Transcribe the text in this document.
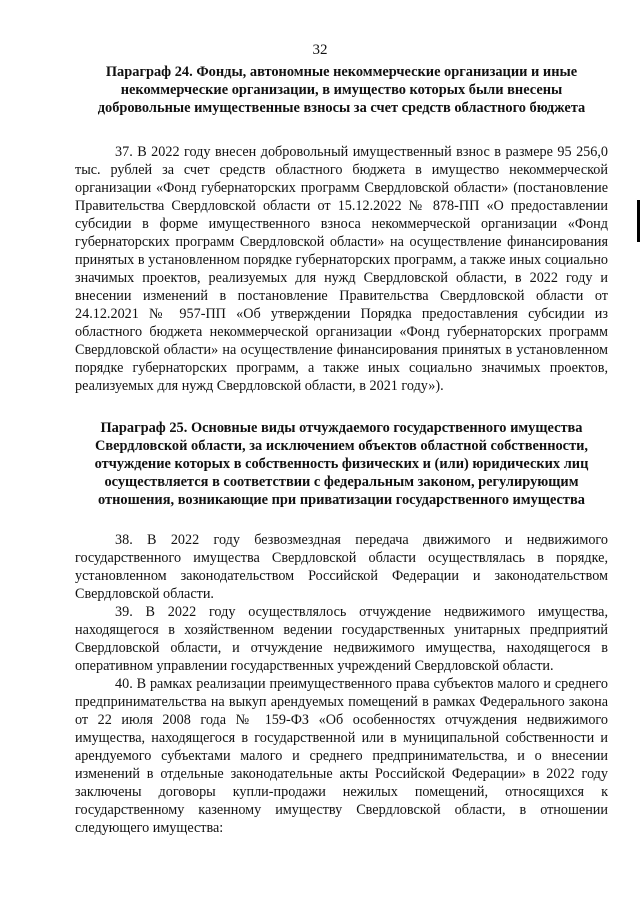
32

Параграф 24. Фонды, автономные некоммерческие организации и иные некоммерческие организации, в имущество которых были внесены добровольные имущественные взносы за счет средств областного бюджета

37. В 2022 году внесен добровольный имущественный взнос в размере 95 256,0 тыс. рублей за счет средств областного бюджета в имущество некоммерческой организации «Фонд губернаторских программ Свердловской области» (постановление Правительства Свердловской области от 15.12.2022 № 878-ПП «О предоставлении субсидии в форме имущественного взноса некоммерческой организации «Фонд губернаторских программ Свердловской области» на осуществление финансирования принятых в установленном порядке губернаторских программ, а также иных социально значимых проектов, реализуемых для нужд Свердловской области, в 2022 году и внесении изменений в постановление Правительства Свердловской области от 24.12.2021 № 957-ПП «Об утверждении Порядка предоставления субсидии из областного бюджета некоммерческой организации «Фонд губернаторских программ Свердловской области» на осуществление финансирования принятых в установленном порядке губернаторских программ, а также иных социально значимых проектов, реализуемых для нужд Свердловской области, в 2021 году»).

Параграф 25. Основные виды отчуждаемого государственного имущества Свердловской области, за исключением объектов областной собственности, отчуждение которых в собственность физических и (или) юридических лиц осуществляется в соответствии с федеральным законом, регулирующим отношения, возникающие при приватизации государственного имущества

38. В 2022 году безвозмездная передача движимого и недвижимого государственного имущества Свердловской области осуществлялась в порядке, установленном законодательством Российской Федерации и законодательством Свердловской области.

39. В 2022 году осуществлялось отчуждение недвижимого имущества, находящегося в хозяйственном ведении государственных унитарных предприятий Свердловской области, и отчуждение недвижимого имущества, находящегося в оперативном управлении государственных учреждений Свердловской области.

40. В рамках реализации преимущественного права субъектов малого и среднего предпринимательства на выкуп арендуемых помещений в рамках Федерального закона от 22 июля 2008 года № 159-ФЗ «Об особенностях отчуждения недвижимого имущества, находящегося в государственной или в муниципальной собственности и арендуемого субъектами малого и среднего предпринимательства, и о внесении изменений в отдельные законодательные акты Российской Федерации» в 2022 году заключены договоры купли-продажи нежилых помещений, относящихся к государственному казенному имуществу Свердловской области, в отношении следующего имущества:
